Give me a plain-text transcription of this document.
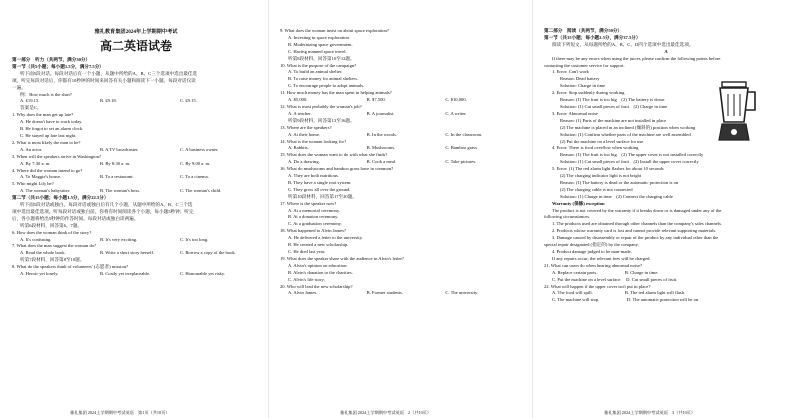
雅礼教育集团2024年上学期期中考试
高二英语试卷
第一部分　听力（共两节，满分30分）
第一节（共5小题；每小题1.5分，满分7.5分）
听下面5段对话。每段对话后有一个小题，从题中所给的A、B、C三个选项中选出最佳选
项。听完每段对话后，你都有10秒钟的时间来回答有关小题和阅读下一小题。每段对话仅读
一遍。
例：How much is the shirt?
A. £19.15.	B. £9.18.	C. £9.15.
答案是C。
1. Why does the man get up late?
A. He doesn't have to work today.
B. He forgot to set an alarm clock.
C. He stayed up late last night.
2. What is most likely the man to be?
A. An actor.	B. A TV broadcaster.	C. A business owner.
3. When will the speakers arrive in Washington?
A. By 7:30 a. m.	B. By 8:30 a. m.	C. By 9:00 a. m.
4. Where did the woman intend to go?
A. To Maggie's house.	B. To a restaurant.	C. To a cinema.
5. Who might Lily be?
A. The woman's babysitter.	B. The woman's boss.	C. The woman's child.
第二节（共15小题；每小题1.5分，满分22.5分）
听下面5段对话或独白。每段对话或独白后有几个小题，从题中所给的A、B、C三个选
项中选出最佳选项。听每段对话或独白前，你将有时间阅读各个小题，每小题5秒钟；听完
后，各小题将给出5秒钟的作答时间。每段对话或独白读两遍。
听第6段材料，回答第6、7题。
6. How does the woman think of the story?
A. It's confusing.	B. It's very exciting.	C. It's too long.
7. What does the man suggest the woman do?
A. Read the whole book.	B. Write a short story herself.	C. Borrow a copy of the book.
听第7段材料，回答第8至10题。
8. What do the speakers think of volunteers' (志愿者) mission?
A. Heroic yet lonely.	B. Costly yet irreplaceable.	C. Honourable yet risky.
9. What does the woman insist on about space exploration?
A. Investing in space exploration.
B. Modernizing space government.
C. Having manned space travel.
听第8段材料，回答第10至12题。
10. What is the purpose of the campaign?
A. To build an animal shelter.
B. To raise money for animal shelters.
C. To encourage people to adopt animals.
11. How much money has the man spent in helping animals?
A. $5,000.	B. $7,500.	C. $10,000.
12. What is most probably the woman's job?
A. A teacher.	B. A journalist.	C. A writer.
听第9段材料，回答第13至16题。
13. Where are the speakers?
A. At their home.	B. In the woods.	C. In the classroom.
14. What is the woman looking for?
A. Rabbits.	B. Mushrooms.	C. Bamboo grass.
15. What does the woman want to do with what she finds?
A. Do a drawing.	B. Cook a meal.	C. Take pictures.
16. What do mushrooms and bamboo grass have in common?
A. They are both nutritious.
B. They have a single root system.
C. They grow all over the ground.
听第10段材料，回答第17至20题。
17. Where is the speaker now?
A. At a memorial ceremony.
B. At a donation ceremony.
C. At a graduation ceremony.
18. What happened to Alvin James?
A. He delivered a letter to the university.
B. He created a new scholarship.
C. He died last year.
19. What does the speaker share with the audience in Alvin's letter?
A. Alvin's opinion on education.
B. Alvin's donation to the charities.
C. Alvin's life story.
20. Who will lead the new scholarship?
A. Alvin James.	B. Former students.	C. The university.
第二部分　阅读（共两节，满分50分）
第一节（共15小题；每小题2.5分，满分37.5分）
阅读下列短文，从每题所给的A、B、C、D四个选项中选出最佳选项。
A
If there may be any errors when using the juicer, please confirm the following points before
contacting the customer service for support.
1. Error: Can't work
Reason: Dead battery
Solution: Charge in time
2. Error: Stop suddenly during working
Reason: (1) The fruit is too big　(2) The battery is down
Solution: (1) Cut small pieces of fruit　(2) Charge in time
3. Error: Abnormal noise
Reason: (1) Parts of the machine are not installed in place
(2) The machine is placed in an inclined (倾斜的) position when working
Solution: (1) Confirm whether parts of the machine are well assembled
(2) Put the machine on a level surface for use
4. Error: There is food overflow when working
Reason: (1) The fruit is too big　(2) The upper cover is not installed correctly
Solution: (1) Cut small pieces of fruit　(2) Install the upper cover correctly
5. Error: (1) The red alarm light flashes for about 10 seconds
(2) The charging indicator light is not bright
Reason: (1) The battery is dead or the automatic protection is on
(2) The charging cable is not connected
Solution: (1) Charge in time　(2) Connect the charging cable
Warranty (保修) exception
The product is not covered by the warranty if it breaks down or is damaged under any of the
following circumstances.
1. The products used are obtained through other channels than the company's sales channels.
2. Products whose warranty card is lost and cannot provide relevant supporting materials.
3. Damage caused by disassembly or repair of the product by any individual other than the
special repair designated (指定的) by the company.
4. Product damage judged to be man-made.
If any repairs occur, the relevant fees will be charged.
21. What can users do when hearing abnormal noise?
A. Replace certain parts.　　　　　　B. Charge in time.
C. Put the machine on a level surface.　D. Cut small pieces of fruit.
22. What will happen if the upper cover isn't put in place?
A. The food will spill.　　　　　　　B. The red alarm light will flash.
C. The machine will stop.　　　　　　D. The automatic protection will be on.
雅礼集团 2024上学期期中考试英语　第1页（共10页）	雅礼集团 2024上学期期中考试英语　2（共10页）	雅礼集团 2024上学期期中考试英语　3（共10页）
